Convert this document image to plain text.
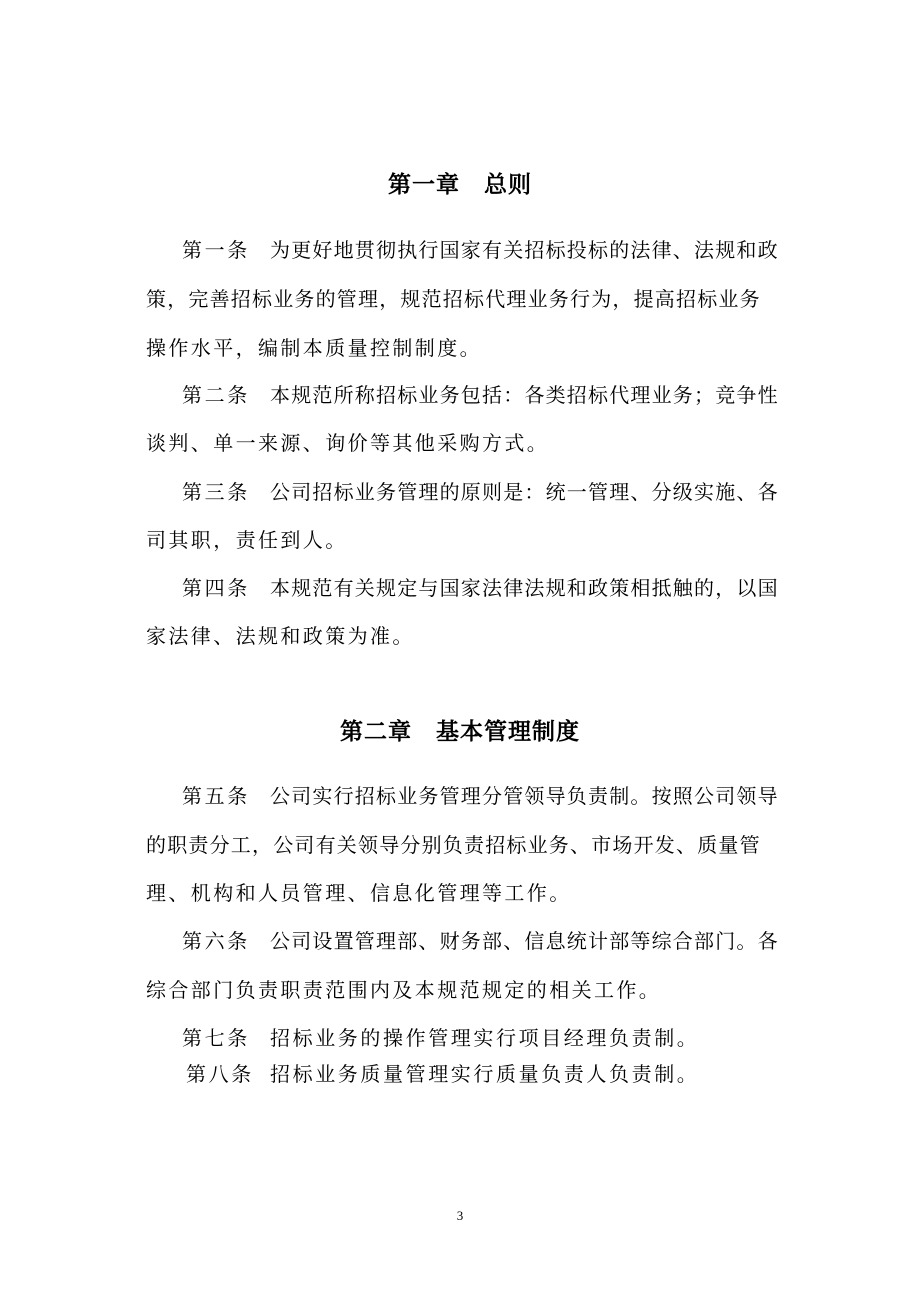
第一章　总则
第一条 为更好地贯彻执行国家有关招标投标的法律、法规和政
策，完善招标业务的管理，规范招标代理业务行为，提高招标业务
操作水平，编制本质量控制制度。
第二条 本规范所称招标业务包括：各类招标代理业务；竞争性
谈判、单一来源、询价等其他采购方式。
第三条 公司招标业务管理的原则是：统一管理、分级实施、各
司其职，责任到人。
第四条 本规范有关规定与国家法律法规和政策相抵触的，以国
家法律、法规和政策为准。
第二章　基本管理制度
第五条 公司实行招标业务管理分管领导负责制。按照公司领导
的职责分工，公司有关领导分别负责招标业务、市场开发、质量管
理、机构和人员管理、信息化管理等工作。
第六条 公司设置管理部、财务部、信息统计部等综合部门。各
综合部门负责职责范围内及本规范规定的相关工作。
第七条 招标业务的操作管理实行项目经理负责制。
第八条 招标业务质量管理实行质量负责人负责制。
3
